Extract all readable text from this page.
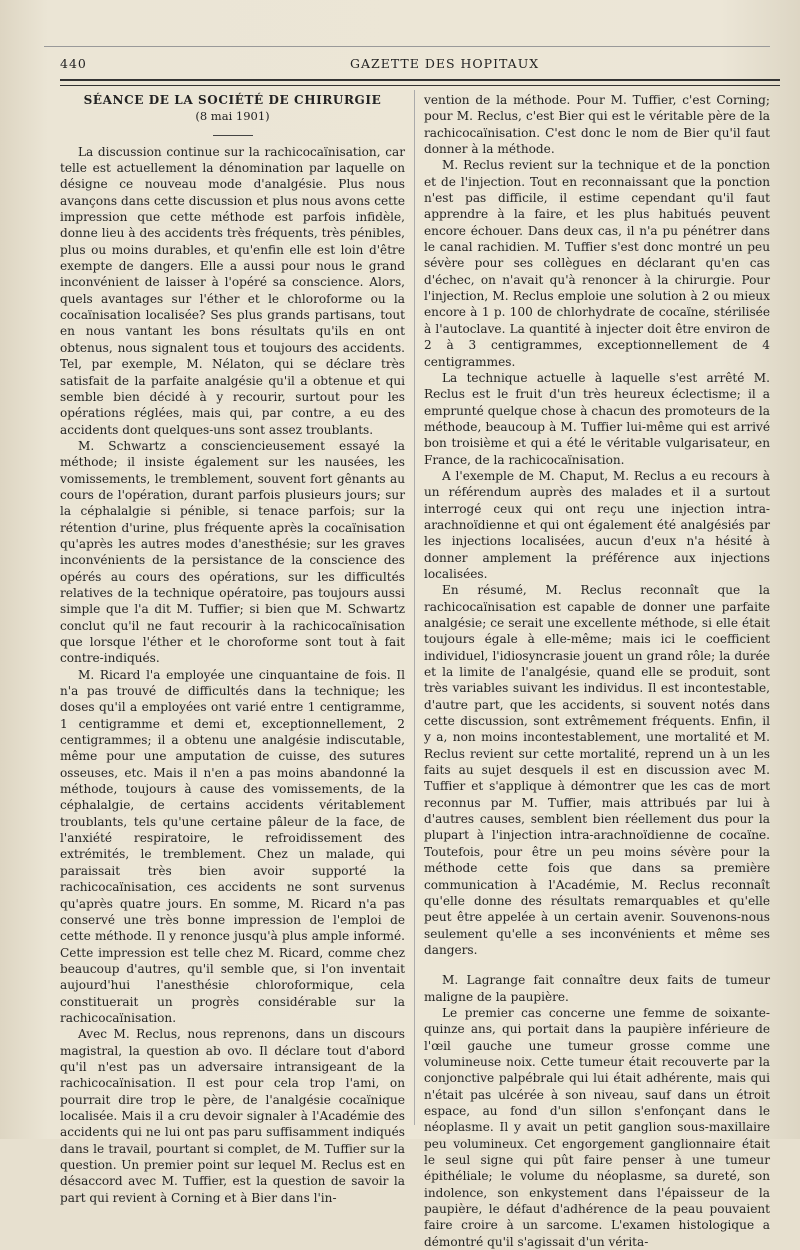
440	GAZETTE DES HOPITAUX

SÉANCE DE LA SOCIÉTÉ DE CHIRURGIE

(8 mai 1901)

La discussion continue sur la rachicocaïnisation, car telle est actuellement la dénomination par laquelle on désigne ce nouveau mode d'analgésie. Plus nous avançons dans cette discussion et plus nous avons cette impression que cette méthode est parfois infidèle, donne lieu à des accidents très fréquents, très pénibles, plus ou moins durables, et qu'enfin elle est loin d'être exempte de dangers. Elle a aussi pour nous le grand inconvénient de laisser à l'opéré sa conscience. Alors, quels avantages sur l'éther et le chloroforme ou la cocaïnisation localisée? Ses plus grands partisans, tout en nous vantant les bons résultats qu'ils en ont obtenus, nous signalent tous et toujours des accidents. Tel, par exemple, M. Nélaton, qui se déclare très satisfait de la parfaite analgésie qu'il a obtenue et qui semble bien décidé à y recourir, surtout pour les opérations réglées, mais qui, par contre, a eu des accidents dont quelques-uns sont assez troublants.

M. Schwartz a consciencieusement essayé la méthode; il insiste également sur les nausées, les vomissements, le tremblement, souvent fort gênants au cours de l'opération, durant parfois plusieurs jours; sur la céphalalgie si pénible, si tenace parfois; sur la rétention d'urine, plus fréquente après la cocaïnisation qu'après les autres modes d'anesthésie; sur les graves inconvénients de la persistance de la conscience des opérés au cours des opérations, sur les difficultés relatives de la technique opératoire, pas toujours aussi simple que l'a dit M. Tuffier; si bien que M. Schwartz conclut qu'il ne faut recourir à la rachicocaïnisation que lorsque l'éther et le choroforme sont tout à fait contre-indiqués.

M. Ricard l'a employée une cinquantaine de fois. Il n'a pas trouvé de difficultés dans la technique; les doses qu'il a employées ont varié entre 1 centigramme, 1 centigramme et demi et, exceptionnellement, 2 centigrammes; il a obtenu une analgésie indiscutable, même pour une amputation de cuisse, des sutures osseuses, etc. Mais il n'en a pas moins abandonné la méthode, toujours à cause des vomissements, de la céphalalgie, de certains accidents véritablement troublants, tels qu'une certaine pâleur de la face, de l'anxiété respiratoire, le refroidissement des extrémités, le tremblement. Chez un malade, qui paraissait très bien avoir supporté la rachicocaïnisation, ces accidents ne sont survenus qu'après quatre jours. En somme, M. Ricard n'a pas conservé une très bonne impression de l'emploi de cette méthode. Il y renonce jusqu'à plus ample informé. Cette impression est telle chez M. Ricard, comme chez beaucoup d'autres, qu'il semble que, si l'on inventait aujourd'hui l'anesthésie chloroformique, cela constituerait un progrès considérable sur la rachicocaïnisation.

Avec M. Reclus, nous reprenons, dans un discours magistral, la question ab ovo. Il déclare tout d'abord qu'il n'est pas un adversaire intransigeant de la rachicocaïnisation. Il est pour cela trop l'ami, on pourrait dire trop le père, de l'analgésie cocaïnique localisée. Mais il a cru devoir signaler à l'Académie des accidents qui ne lui ont pas paru suffisamment indiqués dans le travail, pourtant si complet, de M. Tuffier sur la question. Un premier point sur lequel M. Reclus est en désaccord avec M. Tuffier, est la question de savoir la part qui revient à Corning et à Bier dans l'in-

vention de la méthode. Pour M. Tuffier, c'est Corning; pour M. Reclus, c'est Bier qui est le véritable père de la rachicocaïnisation. C'est donc le nom de Bier qu'il faut donner à la méthode.

M. Reclus revient sur la technique et de la ponction et de l'injection. Tout en reconnaissant que la ponction n'est pas difficile, il estime cependant qu'il faut apprendre à la faire, et les plus habitués peuvent encore échouer. Dans deux cas, il n'a pu pénétrer dans le canal rachidien. M. Tuffier s'est donc montré un peu sévère pour ses collègues en déclarant qu'en cas d'échec, on n'avait qu'à renoncer à la chirurgie. Pour l'injection, M. Reclus emploie une solution à 2 ou mieux encore à 1 p. 100 de chlorhydrate de cocaïne, stérilisée à l'autoclave. La quantité à injecter doit être environ de 2 à 3 centigrammes, exceptionnellement de 4 centigrammes.

La technique actuelle à laquelle s'est arrêté M. Reclus est le fruit d'un très heureux éclectisme; il a emprunté quelque chose à chacun des promoteurs de la méthode, beaucoup à M. Tuffier lui-même qui est arrivé bon troisième et qui a été le véritable vulgarisateur, en France, de la rachicocaïnisation.

A l'exemple de M. Chaput, M. Reclus a eu recours à un référendum auprès des malades et il a surtout interrogé ceux qui ont reçu une injection intra-arachnoïdienne et qui ont également été analgésiés par les injections localisées, aucun d'eux n'a hésité à donner amplement la préférence aux injections localisées.

En résumé, M. Reclus reconnaît que la rachicocaïnisation est capable de donner une parfaite analgésie; ce serait une excellente méthode, si elle était toujours égale à elle-même; mais ici le coefficient individuel, l'idiosyncrasie jouent un grand rôle; la durée et la limite de l'analgésie, quand elle se produit, sont très variables suivant les individus. Il est incontestable, d'autre part, que les accidents, si souvent notés dans cette discussion, sont extrêmement fréquents. Enfin, il y a, non moins incontestablement, une mortalité et M. Reclus revient sur cette mortalité, reprend un à un les faits au sujet desquels il est en discussion avec M. Tuffier et s'applique à démontrer que les cas de mort reconnus par M. Tuffier, mais attribués par lui à d'autres causes, semblent bien réellement dus pour la plupart à l'injection intra-arachnoïdienne de cocaïne. Toutefois, pour être un peu moins sévère pour la méthode cette fois que dans sa première communication à l'Académie, M. Reclus reconnaît qu'elle donne des résultats remarquables et qu'elle peut être appelée à un certain avenir. Souvenons-nous seulement qu'elle a ses inconvénients et même ses dangers.

M. Lagrange fait connaître deux faits de tumeur maligne de la paupière.

Le premier cas concerne une femme de soixante-quinze ans, qui portait dans la paupière inférieure de l'œil gauche une tumeur grosse comme une volumineuse noix. Cette tumeur était recouverte par la conjonctive palpébrale qui lui était adhérente, mais qui n'était pas ulcérée à son niveau, sauf dans un étroit espace, au fond d'un sillon s'enfonçant dans le néoplasme. Il y avait un petit ganglion sous-maxillaire peu volumineux. Cet engorgement ganglionnaire était le seul signe qui pût faire penser à une tumeur épithéliale; le volume du néoplasme, sa dureté, son indolence, son enkystement dans l'épaisseur de la paupière, le défaut d'adhérence de la peau pouvaient faire croire à un sarcome. L'examen histologique a démontré qu'il s'agissait d'un vérita-
